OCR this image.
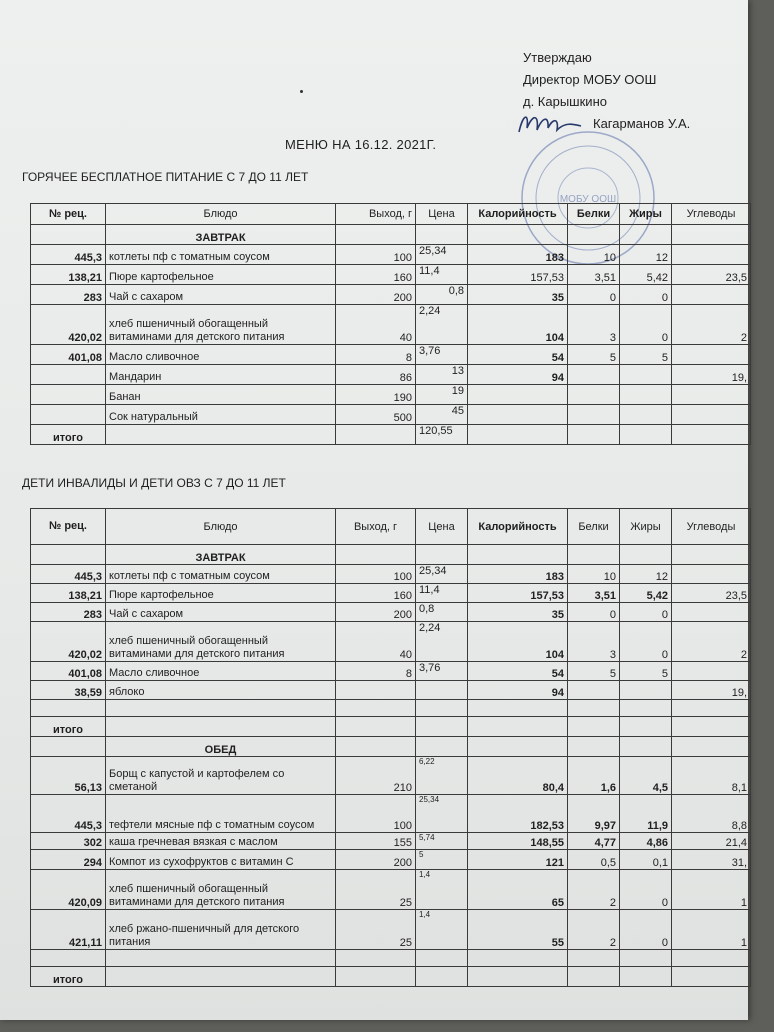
Утверждаю
Директор МОБУ ООШ
д. Карышкино
Кагарманов У.А.
МОБУ ООШ
МЕНЮ НА 16.12. 2021Г.
ГОРЯЧЕЕ БЕСПЛАТНОЕ ПИТАНИЕ С 7 ДО 11 ЛЕТ
№ рец.	Блюдо	Выход, г	Цена	Калорийность	Белки	Жиры	Углеводы
	ЗАВТРАК						
445,3	котлеты пф с томатным соусом	100	25,34	183	10	12	
138,21	Пюре картофельное	160	11,4	157,53	3,51	5,42	23,5
283	Чай с сахаром	200	0,8	35	0	0	
420,02	хлеб пшеничный обогащенный витаминами для детского питания	40	2,24	104	3	0	2
401,08	Масло сливочное	8	3,76	54	5	5	
	Мандарин	86	13	94			19,
	Банан	190	19				
	Сок натуральный	500	45				
итого			120,55				
ДЕТИ ИНВАЛИДЫ И ДЕТИ ОВЗ С 7 ДО 11 ЛЕТ
№ рец.	Блюдо	Выход, г	Цена	Калорийность	Белки	Жиры	Углеводы
	ЗАВТРАК						
445,3	котлеты пф с томатным соусом	100	25,34	183	10	12	
138,21	Пюре картофельное	160	11,4	157,53	3,51	5,42	23,5
283	Чай с сахаром	200	0,8	35	0	0	
420,02	хлеб пшеничный обогащенный витаминами для детского питания	40	2,24	104	3	0	2
401,08	Масло сливочное	8	3,76	54	5	5	
38,59	яблоко			94			19,

итого							
	ОБЕД						
56,13	Борщ с капустой и картофелем со сметаной	210	6,22	80,4	1,6	4,5	8,1
445,3	тефтели мясные пф с томатным соусом	100	25,34	182,53	9,97	11,9	8,8
302	каша гречневая вязкая с маслом	155	5,74	148,55	4,77	4,86	21,4
294	Компот из сухофруктов с витамин С	200	5	121	0,5	0,1	31,
420,09	хлеб пшеничный обогащенный витаминами для детского питания	25	1,4	65	2	0	1
421,11	хлеб ржано-пшеничный для детского питания	25	1,4	55	2	0	1

итого							
